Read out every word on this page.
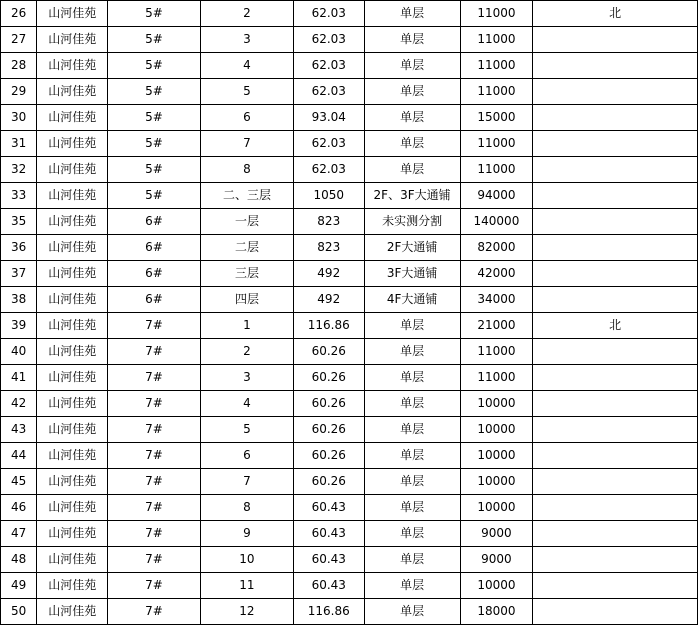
26	山河佳苑	5#	2	62.03	单层	11000	北
27	山河佳苑	5#	3	62.03	单层	11000	
28	山河佳苑	5#	4	62.03	单层	11000	
29	山河佳苑	5#	5	62.03	单层	11000	
30	山河佳苑	5#	6	93.04	单层	15000	
31	山河佳苑	5#	7	62.03	单层	11000	
32	山河佳苑	5#	8	62.03	单层	11000	
33	山河佳苑	5#	二、三层	1050	2F、3F大通铺	94000	
35	山河佳苑	6#	一层	823	未实测分割	140000	
36	山河佳苑	6#	二层	823	2F大通铺	82000	
37	山河佳苑	6#	三层	492	3F大通铺	42000	
38	山河佳苑	6#	四层	492	4F大通铺	34000	
39	山河佳苑	7#	1	116.86	单层	21000	北
40	山河佳苑	7#	2	60.26	单层	11000	
41	山河佳苑	7#	3	60.26	单层	11000	
42	山河佳苑	7#	4	60.26	单层	10000	
43	山河佳苑	7#	5	60.26	单层	10000	
44	山河佳苑	7#	6	60.26	单层	10000	
45	山河佳苑	7#	7	60.26	单层	10000	
46	山河佳苑	7#	8	60.43	单层	10000	
47	山河佳苑	7#	9	60.43	单层	9000	
48	山河佳苑	7#	10	60.43	单层	9000	
49	山河佳苑	7#	11	60.43	单层	10000	
50	山河佳苑	7#	12	116.86	单层	18000	
